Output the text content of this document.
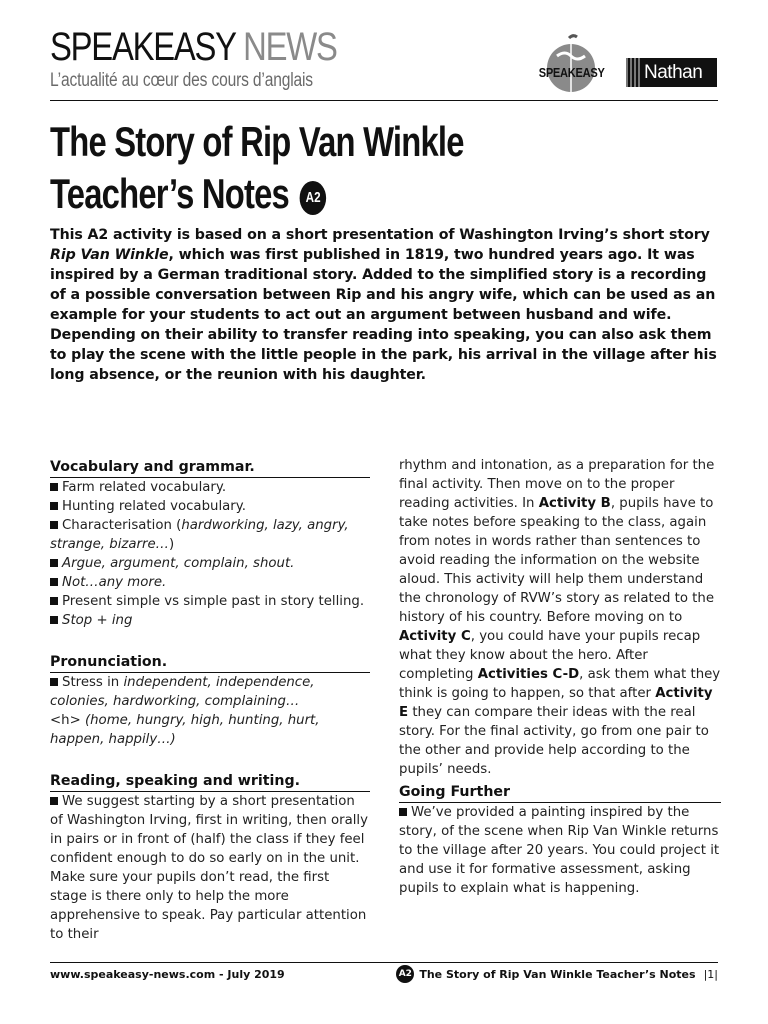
SPEAKEASY NEWS
L’actualité au cœur des cours d’anglais	SPEAKEASY Nathan
The Story of Rip Van Winkle
Teacher’s Notes A2

This A2 activity is based on a short presentation of Washington Irving’s short story Rip Van Winkle, which was first published in 1819, two hundred years ago. It was inspired by a German traditional story. Added to the simplified story is a recording of a possible conversation between Rip and his angry wife, which can be used as an example for your students to act out an argument between husband and wife. Depending on their ability to transfer reading into speaking, you can also ask them to play the scene with the little people in the park, his arrival in the village after his long absence, or the reunion with his daughter.

Vocabulary and grammar.

Farm related vocabulary.

Hunting related vocabulary.

Characterisation (hardworking, lazy, angry, strange, bizarre…)

Argue, argument, complain, shout.

Not…any more.

Present simple vs simple past in story telling.

Stop + ing

Pronunciation.

Stress in independent, independence, colonies, hardworking, complaining…

<h> (home, hungry, high, hunting, hurt, happen, happily…)

Reading, speaking and writing.

We suggest starting by a short presentation of Washington Irving, first in writing, then orally in pairs or in front of (half) the class if they feel confident enough to do so early on in the unit. Make sure your pupils don’t read, the first stage is there only to help the more apprehensive to speak. Pay particular attention to their

rhythm and intonation, as a preparation for the final activity. Then move on to the proper reading activities. In Activity B, pupils have to take notes before speaking to the class, again from notes in words rather than sentences to avoid reading the information on the website aloud. This activity will help them understand the chronology of RVW’s story as related to the history of his country. Before moving on to Activity C, you could have your pupils recap what they know about the hero. After completing Activities C-D, ask them what they think is going to happen, so that after Activity E they can compare their ideas with the real story. For the final activity, go from one pair to the other and provide help according to the pupils’ needs.

Going Further

We’ve provided a painting inspired by the story, of the scene when Rip Van Winkle returns to the village after 20 years. You could project it and use it for formative assessment, asking pupils to explain what is happening.

www.speakeasy-news.com - July 2019	A2 The Story of Rip Van Winkle Teacher’s Notes |1|
